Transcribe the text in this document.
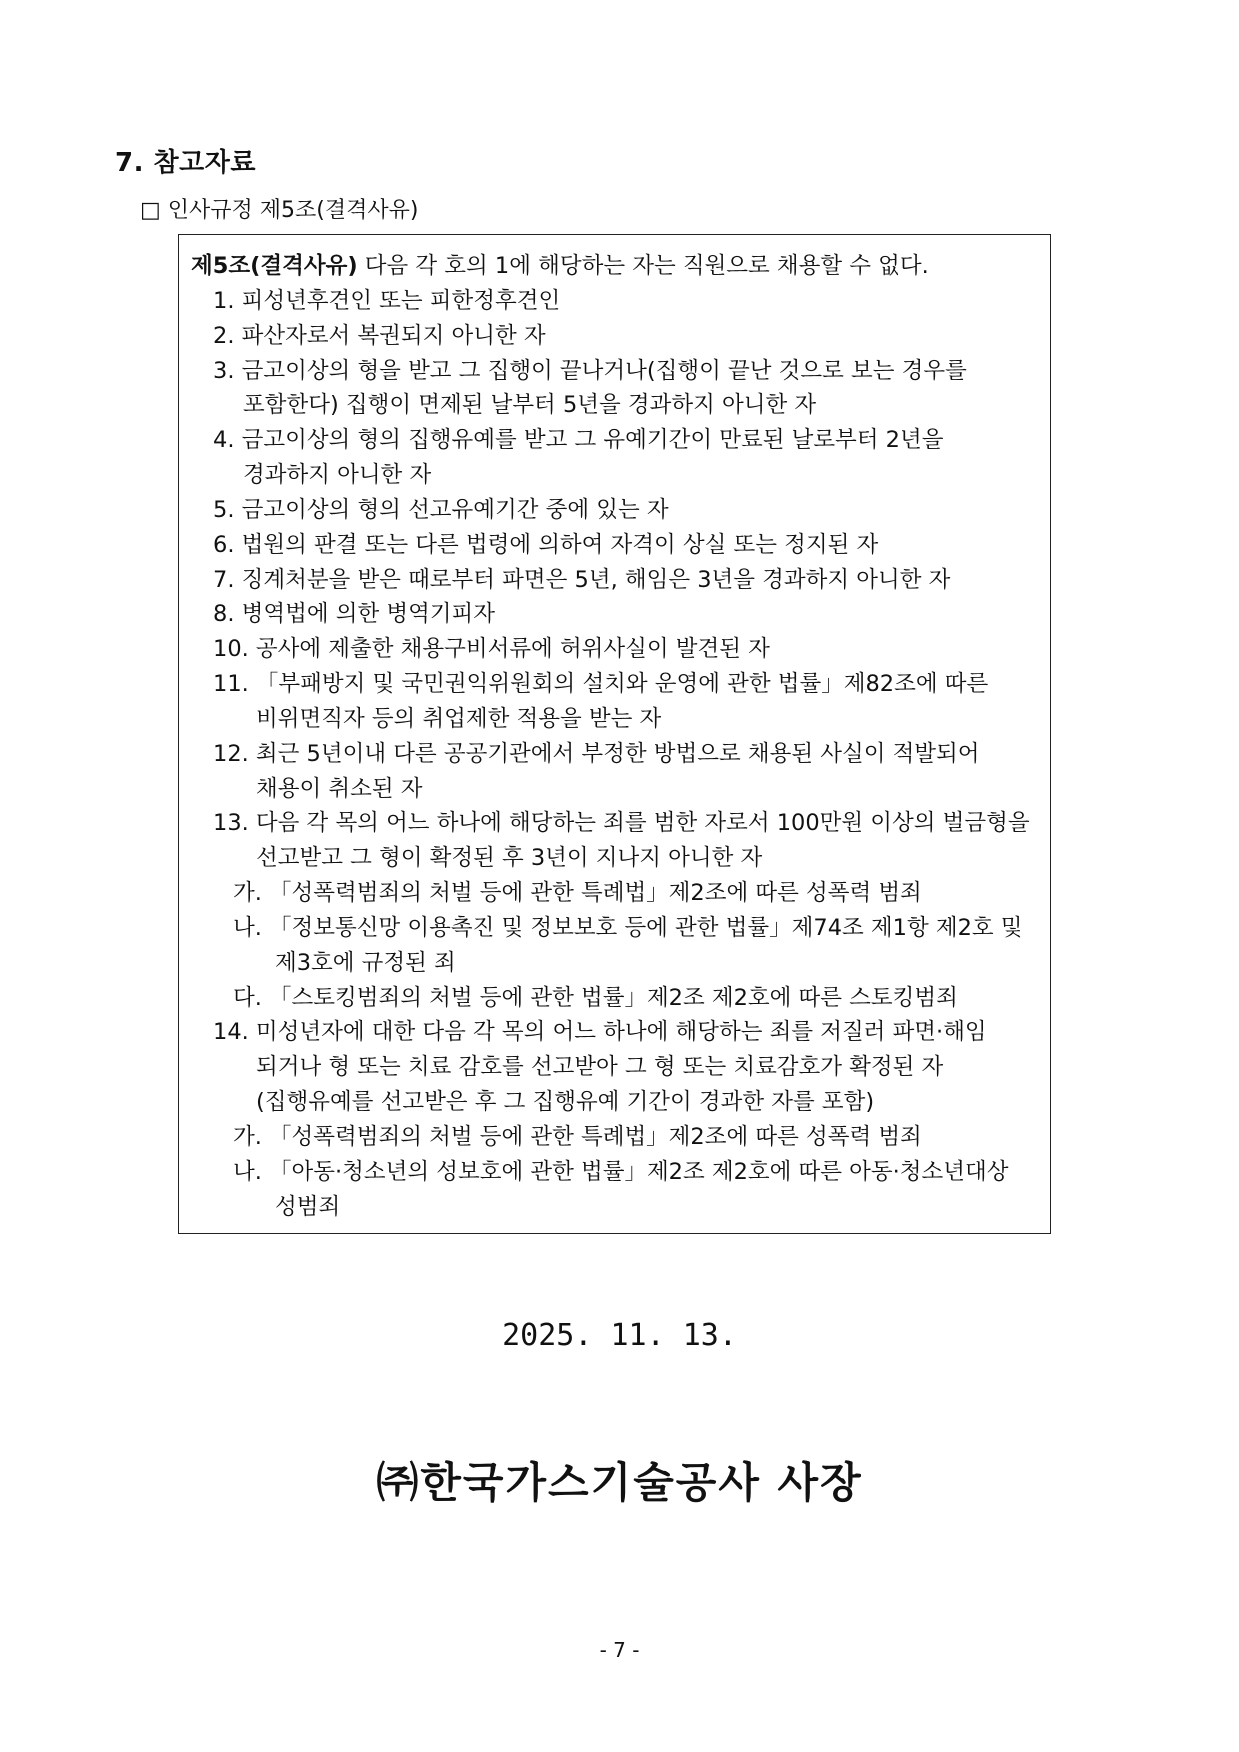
7. 참고자료
□ 인사규정 제5조(결격사유)
제5조(결격사유) 다음 각 호의 1에 해당하는 자는 직원으로 채용할 수 없다.
1. 피성년후견인 또는 피한정후견인
2. 파산자로서 복권되지 아니한 자
3. 금고이상의 형을 받고 그 집행이 끝나거나(집행이 끝난 것으로 보는 경우를
포함한다) 집행이 면제된 날부터 5년을 경과하지 아니한 자
4. 금고이상의 형의 집행유예를 받고 그 유예기간이 만료된 날로부터 2년을
경과하지 아니한 자
5. 금고이상의 형의 선고유예기간 중에 있는 자
6. 법원의 판결 또는 다른 법령에 의하여 자격이 상실 또는 정지된 자
7. 징계처분을 받은 때로부터 파면은 5년, 해임은 3년을 경과하지 아니한 자
8. 병역법에 의한 병역기피자
10. 공사에 제출한 채용구비서류에 허위사실이 발견된 자
11. 「부패방지 및 국민권익위원회의 설치와 운영에 관한 법률」제82조에 따른
비위면직자 등의 취업제한 적용을 받는 자
12. 최근 5년이내 다른 공공기관에서 부정한 방법으로 채용된 사실이 적발되어
채용이 취소된 자
13. 다음 각 목의 어느 하나에 해당하는 죄를 범한 자로서 100만원 이상의 벌금형을
선고받고 그 형이 확정된 후 3년이 지나지 아니한 자
가. 「성폭력범죄의 처벌 등에 관한 특례법」제2조에 따른 성폭력 범죄
나. 「정보통신망 이용촉진 및 정보보호 등에 관한 법률」제74조 제1항 제2호 및
제3호에 규정된 죄
다. 「스토킹범죄의 처벌 등에 관한 법률」제2조 제2호에 따른 스토킹범죄
14. 미성년자에 대한 다음 각 목의 어느 하나에 해당하는 죄를 저질러 파면·해임
되거나 형 또는 치료 감호를 선고받아 그 형 또는 치료감호가 확정된 자
(집행유예를 선고받은 후 그 집행유예 기간이 경과한 자를 포함)
가. 「성폭력범죄의 처벌 등에 관한 특례법」제2조에 따른 성폭력 범죄
나. 「아동·청소년의 성보호에 관한 법률」제2조 제2호에 따른 아동·청소년대상
성범죄
2025. 11. 13.
㈜한국가스기술공사 사장
- 7 -
